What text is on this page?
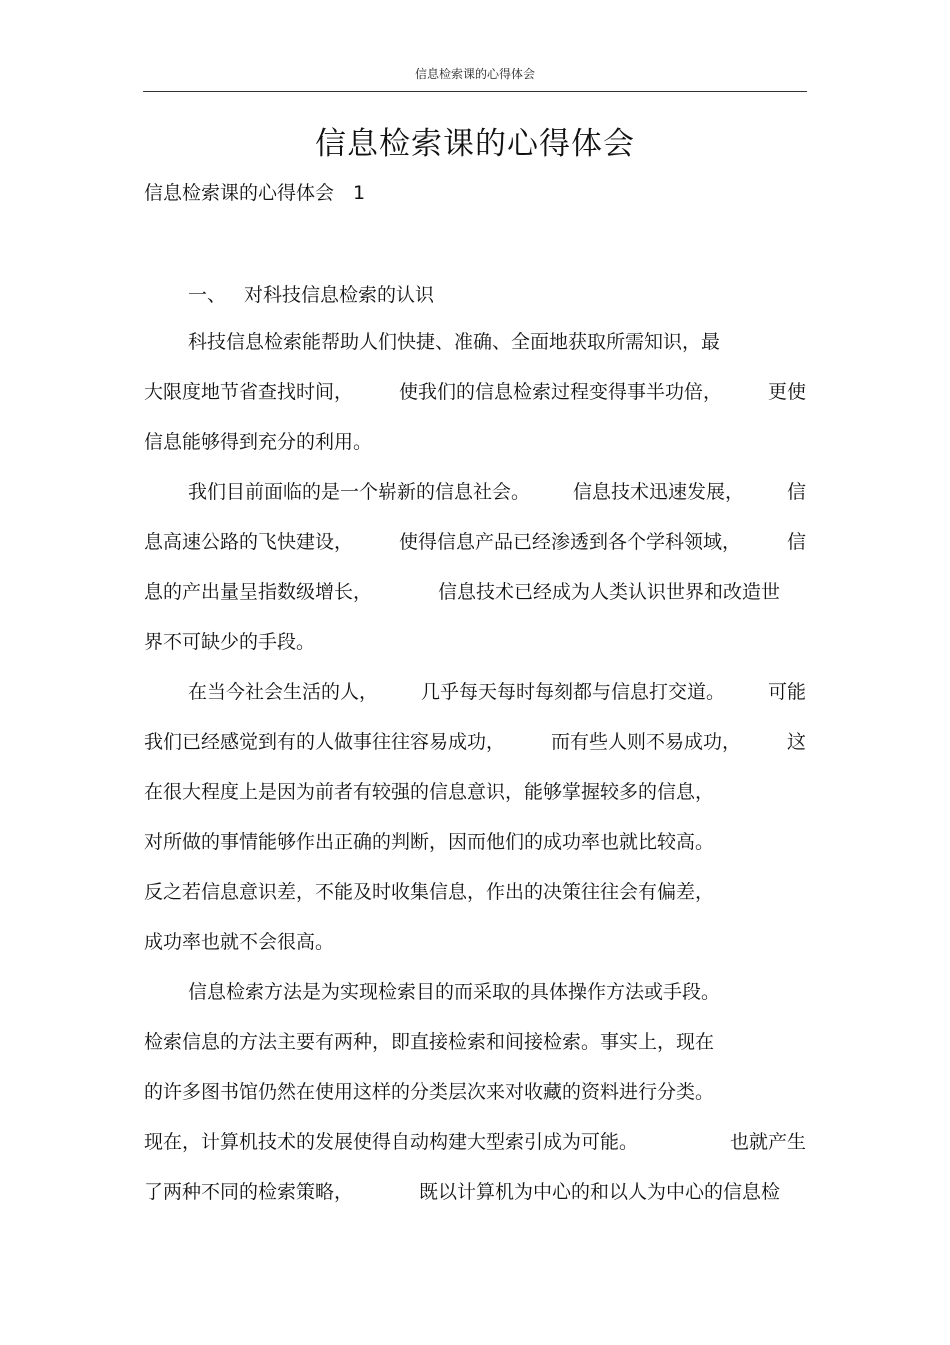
信息检索课的心得体会
信息检索课的心得体会
信息检索课的心得体会　1
一、 对科技信息检索的认识
科技信息检索能帮助人们快捷、准确、全面地获取所需知识，最
大限度地节省查找时间， 使我们的信息检索过程变得事半功倍， 更使
信息能够得到充分的利用。
我们目前面临的是一个崭新的信息社会。 信息技术迅速发展， 信
息高速公路的飞快建设， 使得信息产品已经渗透到各个学科领域， 信
息的产出量呈指数级增长，	信息技术已经成为人类认识世界和改造世
界不可缺少的手段。
在当今社会生活的人， 几乎每天每时每刻都与信息打交道。 可能
我们已经感觉到有的人做事往往容易成功， 而有些人则不易成功， 这
在很大程度上是因为前者有较强的信息意识，能够掌握较多的信息，
对所做的事情能够作出正确的判断，因而他们的成功率也就比较高。
反之若信息意识差，不能及时收集信息，作出的决策往往会有偏差，
成功率也就不会很高。
信息检索方法是为实现检索目的而采取的具体操作方法或手段。
检索信息的方法主要有两种，即直接检索和间接检索。事实上，现在
的许多图书馆仍然在使用这样的分类层次来对收藏的资料进行分类。
现在，计算机技术的发展使得自动构建大型索引成为可能。	也就产生
了两种不同的检索策略，	既以计算机为中心的和以人为中心的信息检
